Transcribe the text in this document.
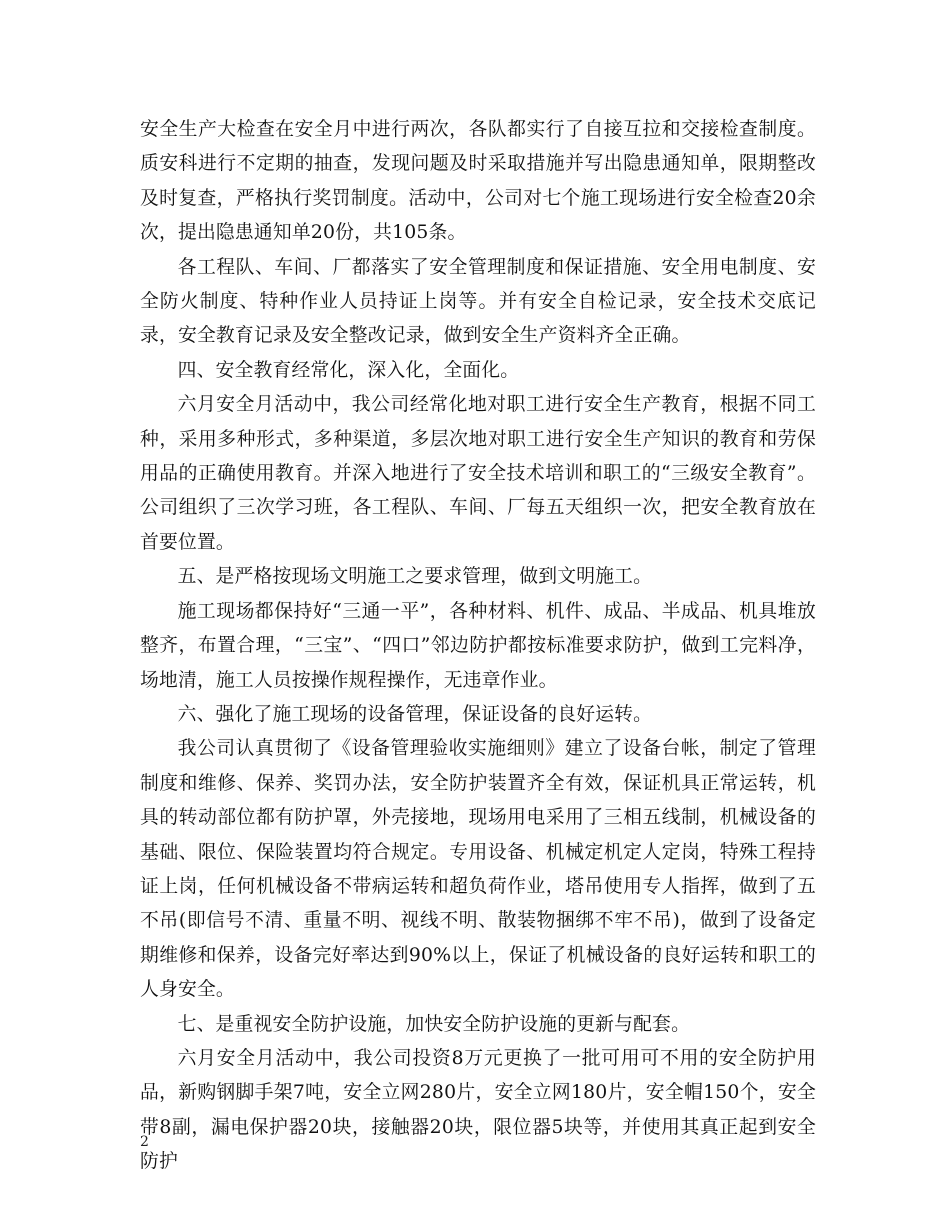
安全生产大检查在安全月中进行两次，各队都实行了自接互拉和交接检查制度。质安科进行不定期的抽查，发现问题及时采取措施并写出隐患通知单，限期整改及时复查，严格执行奖罚制度。活动中，公司对七个施工现场进行安全检查20余次，提出隐患通知单20份，共105条。

各工程队、车间、厂都落实了安全管理制度和保证措施、安全用电制度、安全防火制度、特种作业人员持证上岗等。并有安全自检记录，安全技术交底记录，安全教育记录及安全整改记录，做到安全生产资料齐全正确。

四、安全教育经常化，深入化，全面化。

六月安全月活动中，我公司经常化地对职工进行安全生产教育，根据不同工种，采用多种形式，多种渠道，多层次地对职工进行安全生产知识的教育和劳保用品的正确使用教育。并深入地进行了安全技术培训和职工的“三级安全教育”。公司组织了三次学习班，各工程队、车间、厂每五天组织一次，把安全教育放在首要位置。

五、是严格按现场文明施工之要求管理，做到文明施工。

施工现场都保持好“三通一平”，各种材料、机件、成品、半成品、机具堆放整齐，布置合理，“三宝”、“四口”邻边防护都按标准要求防护，做到工完料净，场地清，施工人员按操作规程操作，无违章作业。

六、强化了施工现场的设备管理，保证设备的良好运转。

我公司认真贯彻了《设备管理验收实施细则》建立了设备台帐，制定了管理制度和维修、保养、奖罚办法，安全防护装置齐全有效，保证机具正常运转，机具的转动部位都有防护罩，外壳接地，现场用电采用了三相五线制，机械设备的基础、限位、保险装置均符合规定。专用设备、机械定机定人定岗，特殊工程持证上岗，任何机械设备不带病运转和超负荷作业，塔吊使用专人指挥，做到了五不吊(即信号不清、重量不明、视线不明、散装物捆绑不牢不吊)，做到了设备定期维修和保养，设备完好率达到90%以上，保证了机械设备的良好运转和职工的人身安全。

七、是重视安全防护设施，加快安全防护设施的更新与配套。

六月安全月活动中，我公司投资8万元更换了一批可用可不用的安全防护用品，新购钢脚手架7吨，安全立网280片，安全立网180片，安全帽150个，安全带8副，漏电保护器20块，接触器20块，限位器5块等，并使用其真正起到安全防护

2
